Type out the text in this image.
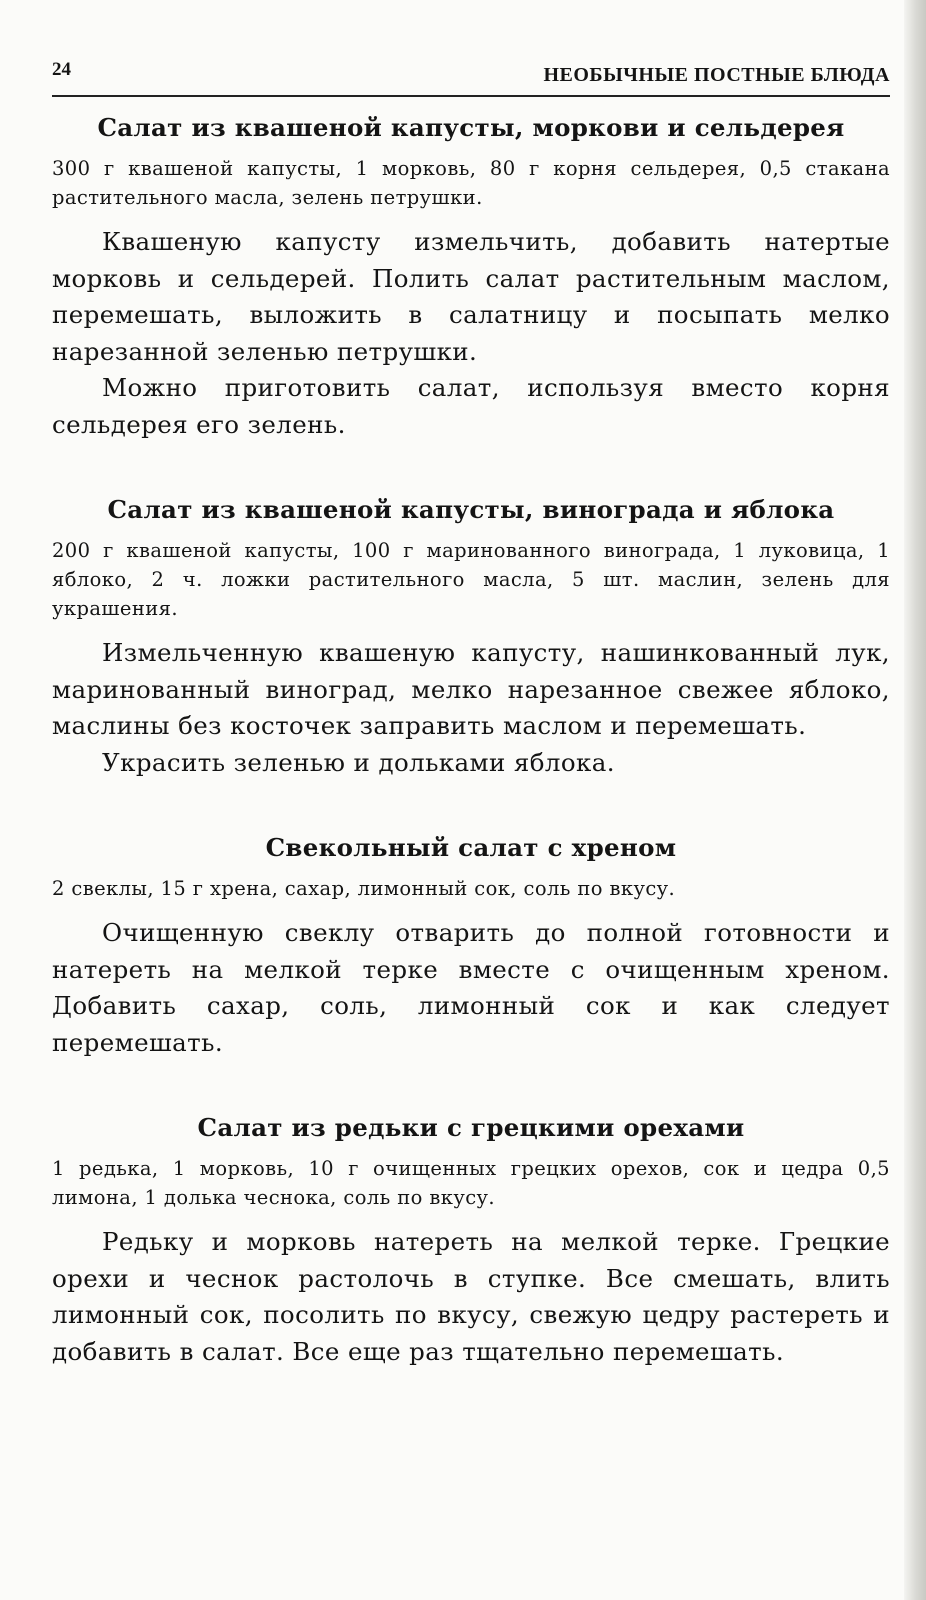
24	НЕОБЫЧНЫЕ ПОСТНЫЕ БЛЮДА
Салат из квашеной капусты, моркови и сельдерея

300 г квашеной капусты, 1 морковь, 80 г корня сельдерея, 0,5 стакана растительного масла, зелень петрушки.

Квашеную капусту измельчить, добавить натертые морковь и сельдерей. Полить салат растительным маслом, перемешать, выложить в салатницу и посыпать мелко нарезанной зеленью петрушки.

Можно приготовить салат, используя вместо корня сельдерея его зелень.

Салат из квашеной капусты, винограда и яблока

200 г квашеной капусты, 100 г маринованного винограда, 1 луковица, 1 яблоко, 2 ч. ложки растительного масла, 5 шт. маслин, зелень для украшения.

Измельченную квашеную капусту, нашинкованный лук, маринованный виноград, мелко нарезанное свежее яблоко, маслины без косточек заправить маслом и перемешать.

Украсить зеленью и дольками яблока.

Свекольный салат с хреном

2 свеклы, 15 г хрена, сахар, лимонный сок, соль по вкусу.

Очищенную свеклу отварить до полной готовности и натереть на мелкой терке вместе с очищенным хреном. Добавить сахар, соль, лимонный сок и как следует перемешать.

Салат из редьки с грецкими орехами

1 редька, 1 морковь, 10 г очищенных грецких орехов, сок и цедра 0,5 лимона, 1 долька чеснока, соль по вкусу.

Редьку и морковь натереть на мелкой терке. Грецкие орехи и чеснок растолочь в ступке. Все смешать, влить лимонный сок, посолить по вкусу, свежую цедру растереть и добавить в салат. Все еще раз тщательно перемешать.
